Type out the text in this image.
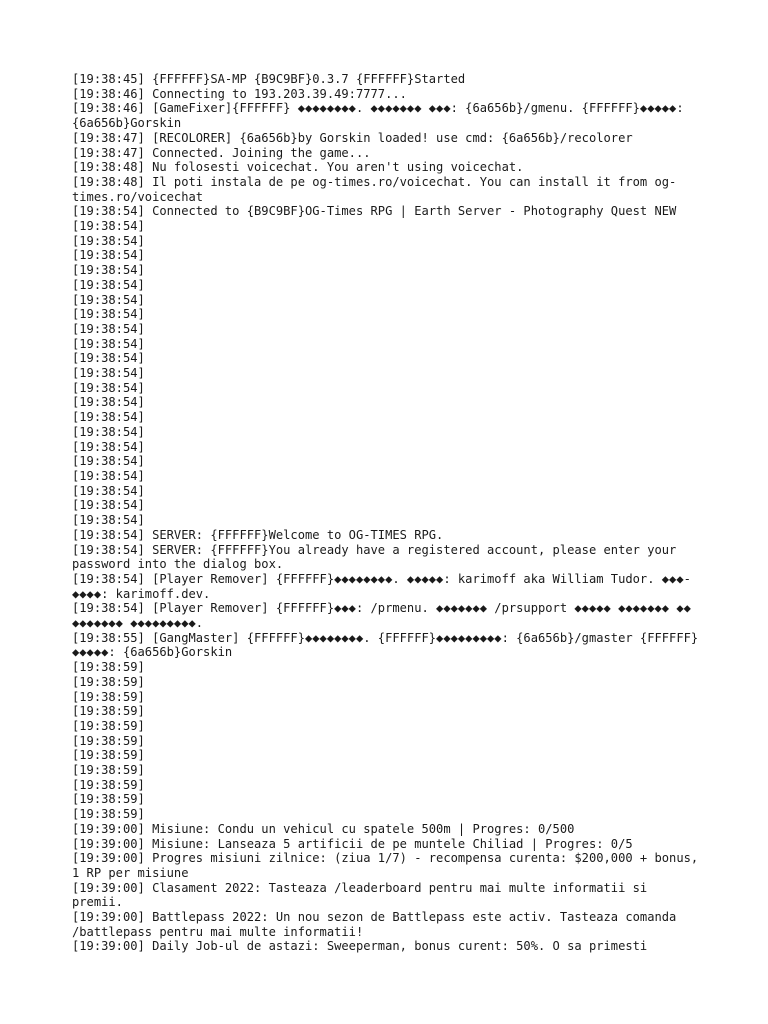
[19:38:45] {FFFFFF}SA-MP {B9C9BF}0.3.7 {FFFFFF}Started
[19:38:46] Connecting to 193.203.39.49:7777...
[19:38:46] [GameFixer]{FFFFFF} ◆◆◆◆◆◆◆◆. ◆◆◆◆◆◆◆ ◆◆◆: {6a656b}/gmenu. {FFFFFF}◆◆◆◆◆: {6a656b}Gorskin
[19:38:47] [RECOLORER] {6a656b}by Gorskin loaded! use cmd: {6a656b}/recolorer
[19:38:47] Connected. Joining the game...
[19:38:48] Nu folosesti voicechat. You aren't using voicechat.
[19:38:48] Il poti instala de pe og-times.ro/voicechat. You can install it from og-times.ro/voicechat
[19:38:54] Connected to {B9C9BF}OG-Times RPG | Earth Server - Photography Quest NEW
[19:38:54]
[19:38:54]
[19:38:54]
[19:38:54]
[19:38:54]
[19:38:54]
[19:38:54]
[19:38:54]
[19:38:54]
[19:38:54]
[19:38:54]
[19:38:54]
[19:38:54]
[19:38:54]
[19:38:54]
[19:38:54]
[19:38:54]
[19:38:54]
[19:38:54]
[19:38:54]
[19:38:54]
[19:38:54] SERVER: {FFFFFF}Welcome to OG-TIMES RPG.
[19:38:54] SERVER: {FFFFFF}You already have a registered account, please enter your password into the dialog box.
[19:38:54] [Player Remover] {FFFFFF}◆◆◆◆◆◆◆◆. ◆◆◆◆◆: karimoff aka William Tudor. ◆◆◆-◆◆◆◆: karimoff.dev.
[19:38:54] [Player Remover] {FFFFFF}◆◆◆: /prmenu. ◆◆◆◆◆◆◆ /prsupport ◆◆◆◆◆ ◆◆◆◆◆◆◆ ◆◆ ◆◆◆◆◆◆◆ ◆◆◆◆◆◆◆◆◆.
[19:38:55] [GangMaster] {FFFFFF}◆◆◆◆◆◆◆◆. {FFFFFF}◆◆◆◆◆◆◆◆◆: {6a656b}/gmaster {FFFFFF}◆◆◆◆◆: {6a656b}Gorskin
[19:38:59]
[19:38:59]
[19:38:59]
[19:38:59]
[19:38:59]
[19:38:59]
[19:38:59]
[19:38:59]
[19:38:59]
[19:38:59]
[19:38:59]
[19:39:00] Misiune: Condu un vehicul cu spatele 500m | Progres: 0/500
[19:39:00] Misiune: Lanseaza 5 artificii de pe muntele Chiliad | Progres: 0/5
[19:39:00] Progres misiuni zilnice: (ziua 1/7) - recompensa curenta: $200,000 + bonus, 1 RP per misiune
[19:39:00] Clasament 2022: Tasteaza /leaderboard pentru mai multe informatii si premii.
[19:39:00] Battlepass 2022: Un nou sezon de Battlepass este activ. Tasteaza comanda /battlepass pentru mai multe informatii!
[19:39:00] Daily Job-ul de astazi: Sweeperman, bonus curent: 50%. O sa primesti
